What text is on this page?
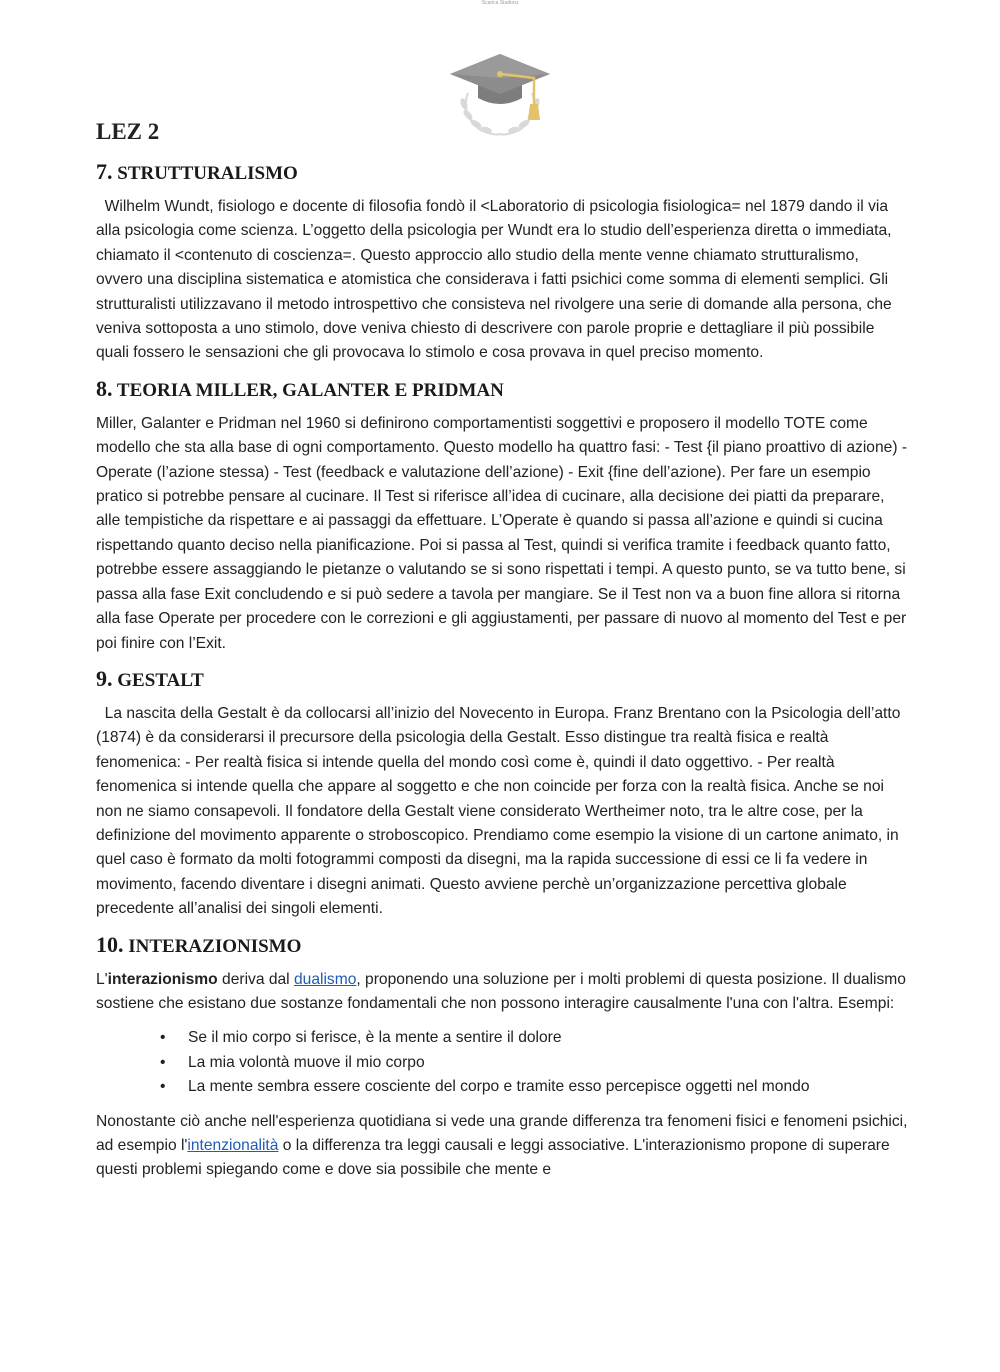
Scarica Studocu
LEZ 2
7. STRUTTURALISMO

Wilhelm Wundt, fisiologo e docente di filosofia fondò il <Laboratorio di psicologia fisiologica= nel 1879 dando il via alla psicologia come scienza. L’oggetto della psicologia per Wundt era lo studio dell’esperienza diretta o immediata, chiamato il <contenuto di coscienza=. Questo approccio allo studio della mente venne chiamato strutturalismo, ovvero una disciplina sistematica e atomistica che considerava i fatti psichici come somma di elementi semplici. Gli strutturalisti utilizzavano il metodo introspettivo che consisteva nel rivolgere una serie di domande alla persona, che veniva sottoposta a uno stimolo, dove veniva chiesto di descrivere con parole proprie e dettagliare il più possibile quali fossero le sensazioni che gli provocava lo stimolo e cosa provava in quel preciso momento.

8. TEORIA MILLER, GALANTER E PRIDMAN

Miller, Galanter e Pridman nel 1960 si definirono comportamentisti soggettivi e proposero il modello TOTE come modello che sta alla base di ogni comportamento. Questo modello ha quattro fasi: - Test {il piano proattivo di azione) - Operate (l’azione stessa) - Test (feedback e valutazione dell’azione) - Exit {fine dell’azione). Per fare un esempio pratico si potrebbe pensare al cucinare. Il Test si riferisce all’idea di cucinare, alla decisione dei piatti da preparare, alle tempistiche da rispettare e ai passaggi da effettuare. L’Operate è quando si passa all’azione e quindi si cucina rispettando quanto deciso nella pianificazione. Poi si passa al Test, quindi si verifica tramite i feedback quanto fatto, potrebbe essere assaggiando le pietanze o valutando se si sono rispettati i tempi. A questo punto, se va tutto bene, si passa alla fase Exit concludendo e si può sedere a tavola per mangiare. Se il Test non va a buon fine allora si ritorna alla fase Operate per procedere con le correzioni e gli aggiustamenti, per passare di nuovo al momento del Test e per poi finire con l’Exit.

9. GESTALT

La nascita della Gestalt è da collocarsi all’inizio del Novecento in Europa. Franz Brentano con la Psicologia dell’atto (1874) è da considerarsi il precursore della psicologia della Gestalt. Esso distingue tra realtà fisica e realtà fenomenica: - Per realtà fisica si intende quella del mondo così come è, quindi il dato oggettivo. - Per realtà fenomenica si intende quella che appare al soggetto e che non coincide per forza con la realtà fisica. Anche se noi non ne siamo consapevoli. Il fondatore della Gestalt viene considerato Wertheimer noto, tra le altre cose, per la definizione del movimento apparente o stroboscopico. Prendiamo come esempio la visione di un cartone animato, in quel caso è formato da molti fotogrammi composti da disegni, ma la rapida successione di essi ce li fa vedere in movimento, facendo diventare i disegni animati. Questo avviene perchè un’organizzazione percettiva globale precedente all’analisi dei singoli elementi.

10. INTERAZIONISMO

L'interazionismo deriva dal dualismo, proponendo una soluzione per i molti problemi di questa posizione. Il dualismo sostiene che esistano due sostanze fondamentali che non possono interagire causalmente l'una con l'altra. Esempi:

• Se il mio corpo si ferisce, è la mente a sentire il dolore
• La mia volontà muove il mio corpo
• La mente sembra essere cosciente del corpo e tramite esso percepisce oggetti nel mondo

Nonostante ciò anche nell'esperienza quotidiana si vede una grande differenza tra fenomeni fisici e fenomeni psichici, ad esempio l'intenzionalità o la differenza tra leggi causali e leggi associative. L'interazionismo propone di superare questi problemi spiegando come e dove sia possibile che mente e
